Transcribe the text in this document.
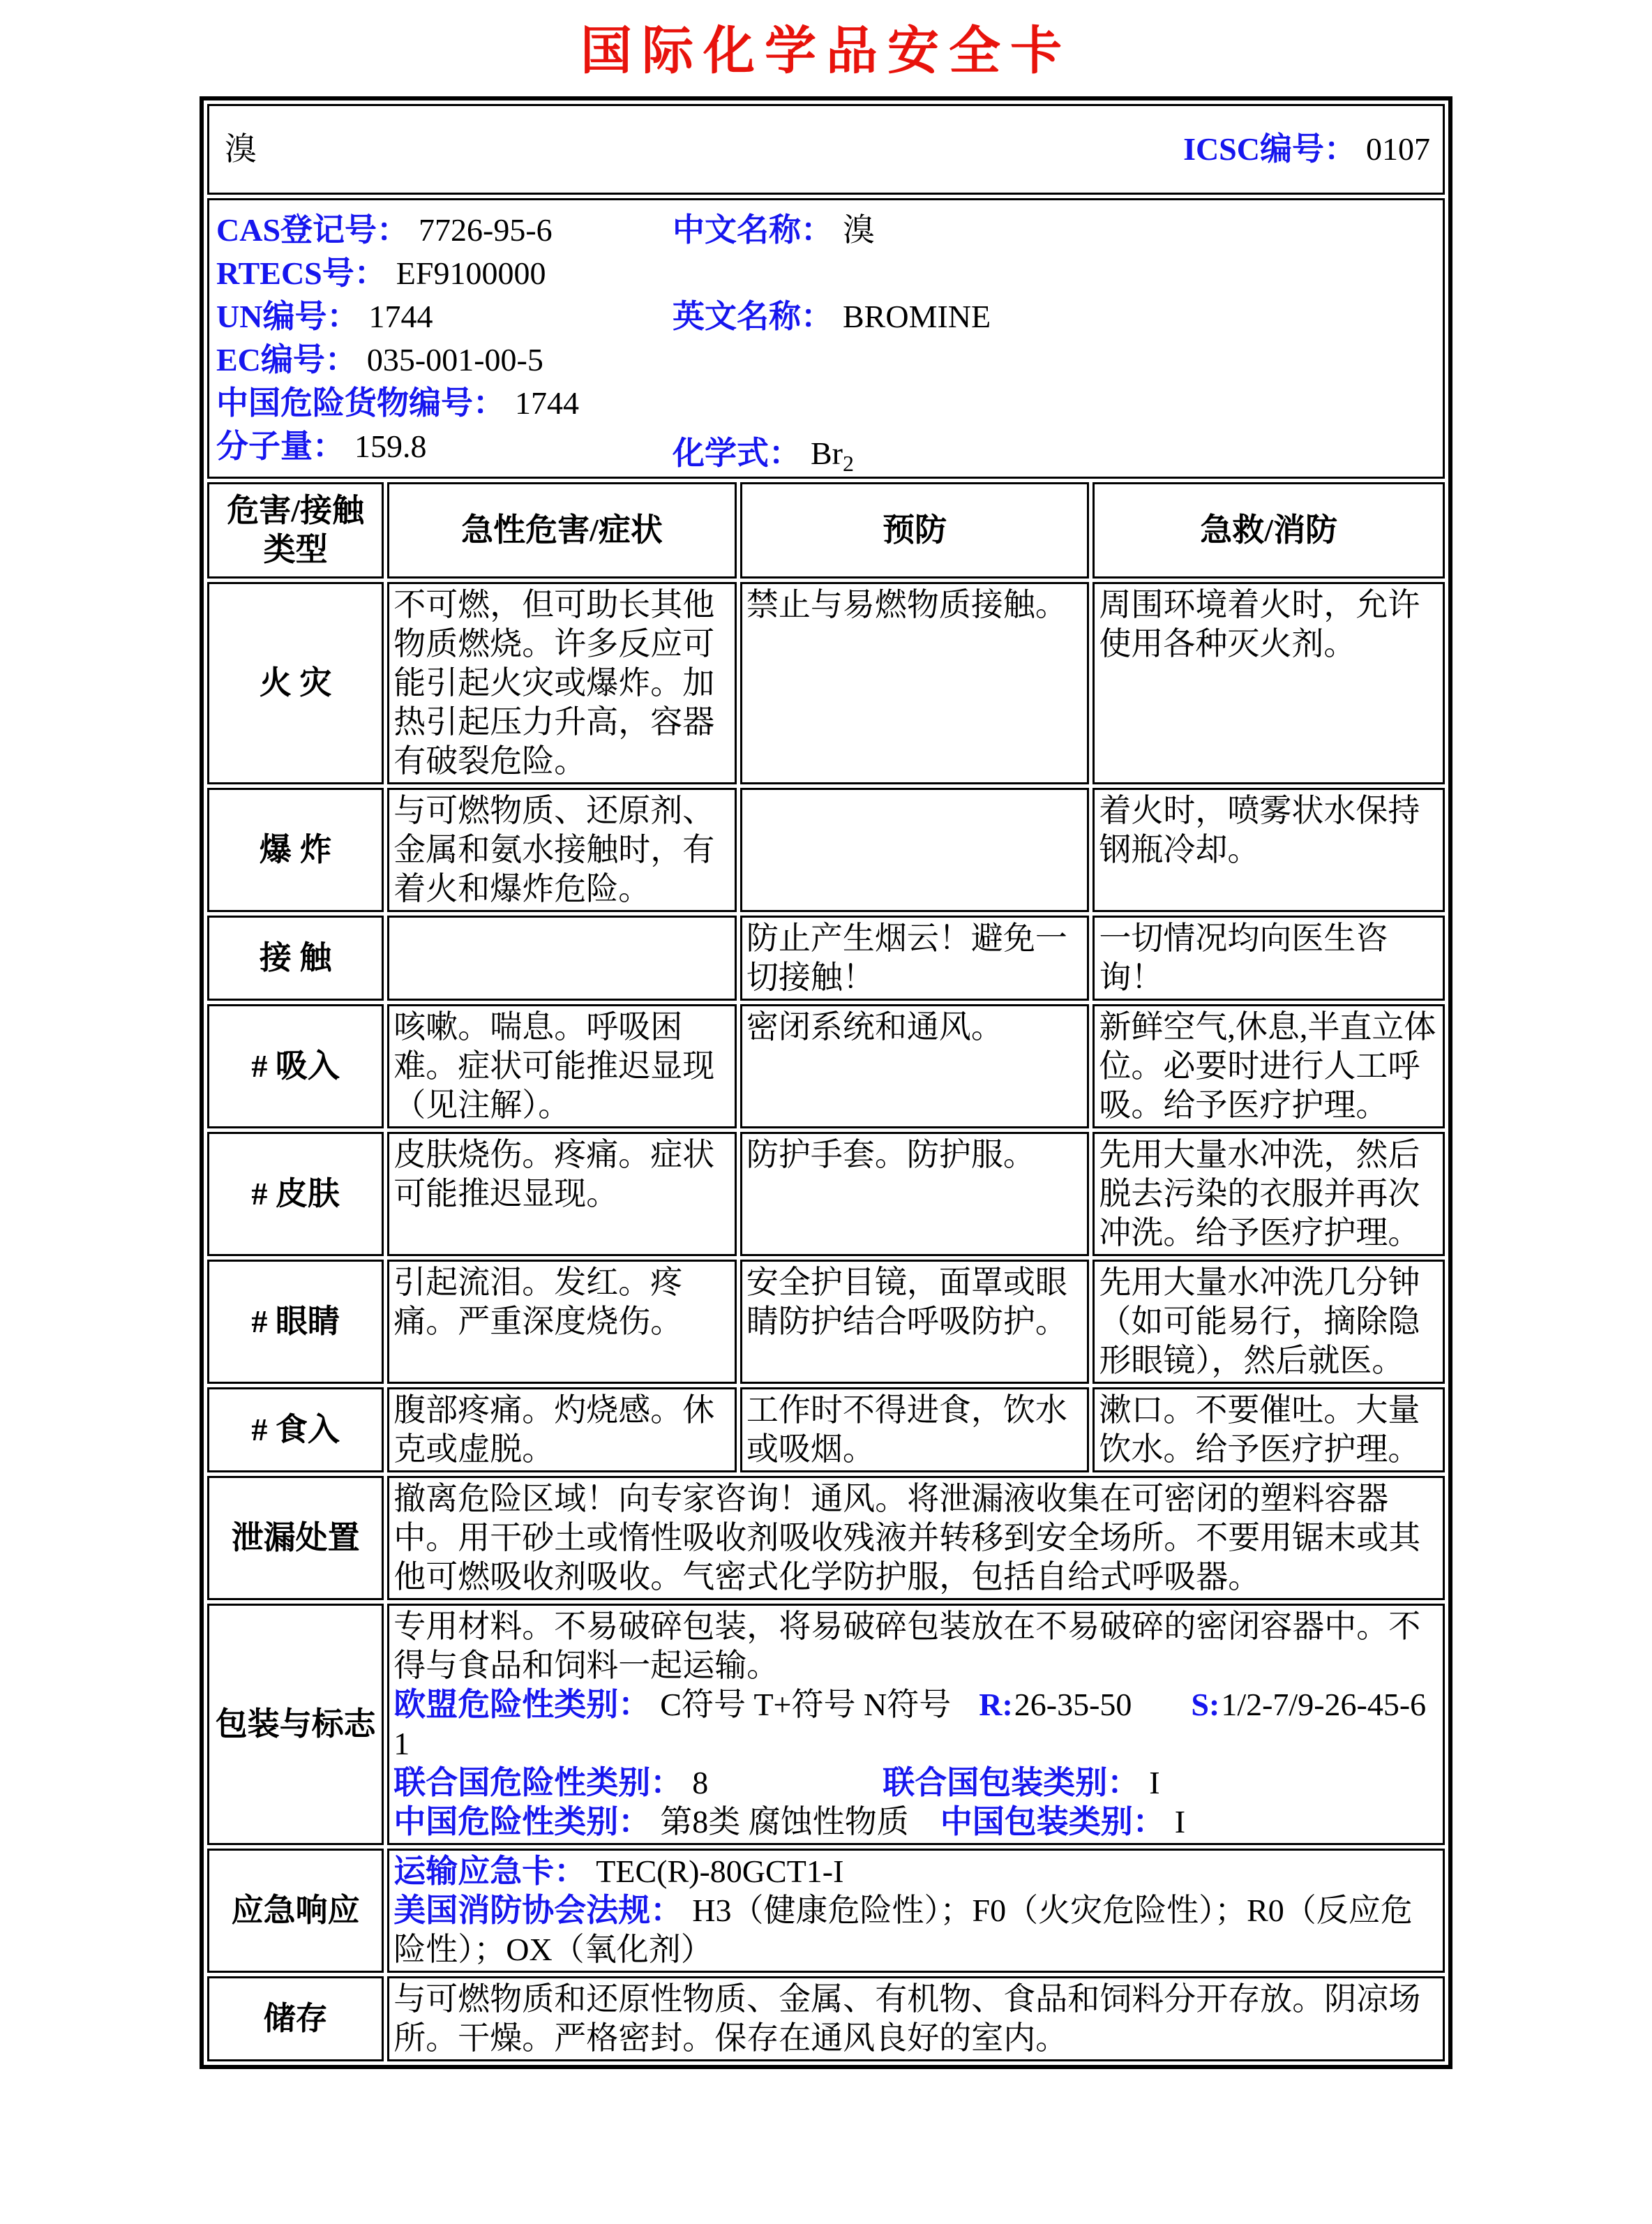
国际化学品安全卡
溴 ICSC编号： 0107			

CAS登记号： 7726-95-6
RTECS号： EF9100000
UN编号： 1744
EC编号： 035-001-00-5
中国危险货物编号： 1744
分子量： 159.8
中文名称： 溴
英文名称： BROMINE
化学式： $Br_2$

危害/接触
类型	急性危害/症状	预防	急救/消防
火 灾	不可燃，但可助长其他物质燃烧。许多反应可能引起火灾或爆炸。加热引起压力升高，容器有破裂危险。	禁止与易燃物质接触。	周围环境着火时，允许使用各种灭火剂。
爆 炸	与可燃物质、还原剂、金属和氨水接触时，有着火和爆炸危险。		着火时，喷雾状水保持钢瓶冷却。
接 触		防止产生烟云！避免一切接触！	一切情况均向医生咨询！
# 吸入	咳嗽。喘息。呼吸困难。症状可能推迟显现（见注解）。	密闭系统和通风。	新鲜空气,休息,半直立体位。必要时进行人工呼吸。给予医疗护理。
# 皮肤	皮肤烧伤。疼痛。症状可能推迟显现。	防护手套。防护服。	先用大量水冲洗，然后脱去污染的衣服并再次冲洗。给予医疗护理。
# 眼睛	引起流泪。发红。疼痛。严重深度烧伤。	安全护目镜，面罩或眼睛防护结合呼吸防护。	先用大量水冲洗几分钟（如可能易行，摘除隐形眼镜），然后就医。
# 食入	腹部疼痛。灼烧感。休克或虚脱。	工作时不得进食，饮水或吸烟。	漱口。不要催吐。大量饮水。给予医疗护理。
泄漏处置	撤离危险区域！向专家咨询！通风。将泄漏液收集在可密闭的塑料容器中。用干砂土或惰性吸收剂吸收残液并转移到安全场所。不要用锯末或其他可燃吸收剂吸收。气密式化学防护服，包括自给式呼吸器。		
包装与标志	专用材料。不易破碎包装，将易破碎包装放在不易破碎的密闭容器中。不得与食品和饲料一起运输。
欧盟危险性类别： C符号 T+符号 N符号 R:26-35-50 S:1/2-7/9-26-45-61
联合国危险性类别： 8 联合国包装类别： I
中国危险性类别： 第8类 腐蚀性物质 中国包装类别： I		

应急响应	运输应急卡： TEC(R)-80GCT1-I
美国消防协会法规： H3（健康危险性）；F0（火灾危险性）；R0（反应危险性）；OX（氧化剂）		

储存	与可燃物质和还原性物质、金属、有机物、食品和饲料分开存放。阴凉场所。干燥。严格密封。保存在通风良好的室内。		
